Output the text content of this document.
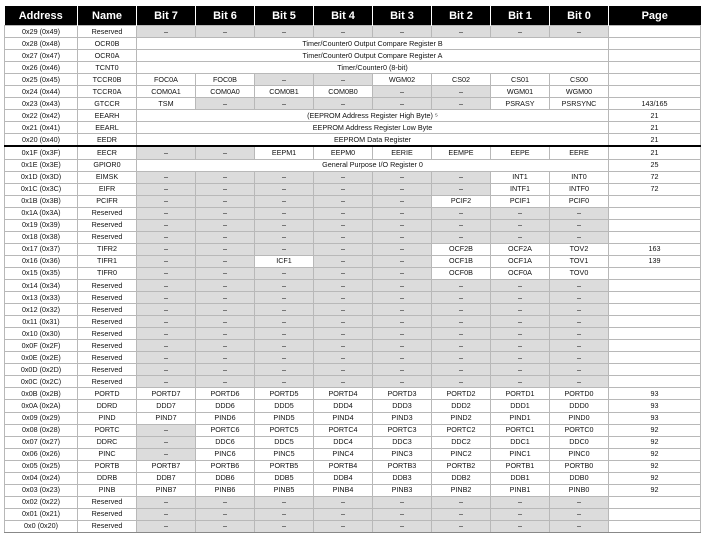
Address	Name	Bit 7	Bit 6	Bit 5	Bit 4	Bit 3	Bit 2	Bit 1	Bit 0	Page
0x29 (0x49)	Reserved	–	–	–	–	–	–	–	–	
0x28 (0x48)	OCR0B	Timer/Counter0 Output Compare Register B								
0x27 (0x47)	OCR0A	Timer/Counter0 Output Compare Register A								
0x26 (0x46)	TCNT0	Timer/Counter0 (8-bit)								
0x25 (0x45)	TCCR0B	FOC0A	FOC0B	–	–	WGM02	CS02	CS01	CS00	
0x24 (0x44)	TCCR0A	COM0A1	COM0A0	COM0B1	COM0B0	–	–	WGM01	WGM00	
0x23 (0x43)	GTCCR	TSM	–	–	–	–	–	PSRASY	PSRSYNC	143/165
0x22 (0x42)	EEARH	(EEPROM Address Register High Byte) ⁵								21
0x21 (0x41)	EEARL	EEPROM Address Register Low Byte								21
0x20 (0x40)	EEDR	EEPROM Data Register								21
0x1F (0x3F)	EECR	–	–	EEPM1	EEPM0	EERIE	EEMPE	EEPE	EERE	21
0x1E (0x3E)	GPIOR0	General Purpose I/O Register 0								25
0x1D (0x3D)	EIMSK	–	–	–	–	–	–	INT1	INT0	72
0x1C (0x3C)	EIFR	–	–	–	–	–	–	INTF1	INTF0	72
0x1B (0x3B)	PCIFR	–	–	–	–	–	PCIF2	PCIF1	PCIF0	
0x1A (0x3A)	Reserved	–	–	–	–	–	–	–	–	
0x19 (0x39)	Reserved	–	–	–	–	–	–	–	–	
0x18 (0x38)	Reserved	–	–	–	–	–	–	–	–	
0x17 (0x37)	TIFR2	–	–	–	–	–	OCF2B	OCF2A	TOV2	163
0x16 (0x36)	TIFR1	–	–	ICF1	–	–	OCF1B	OCF1A	TOV1	139
0x15 (0x35)	TIFR0	–	–	–	–	–	OCF0B	OCF0A	TOV0	
0x14 (0x34)	Reserved	–	–	–	–	–	–	–	–	
0x13 (0x33)	Reserved	–	–	–	–	–	–	–	–	
0x12 (0x32)	Reserved	–	–	–	–	–	–	–	–	
0x11 (0x31)	Reserved	–	–	–	–	–	–	–	–	
0x10 (0x30)	Reserved	–	–	–	–	–	–	–	–	
0x0F (0x2F)	Reserved	–	–	–	–	–	–	–	–	
0x0E (0x2E)	Reserved	–	–	–	–	–	–	–	–	
0x0D (0x2D)	Reserved	–	–	–	–	–	–	–	–	
0x0C (0x2C)	Reserved	–	–	–	–	–	–	–	–	
0x0B (0x2B)	PORTD	PORTD7	PORTD6	PORTD5	PORTD4	PORTD3	PORTD2	PORTD1	PORTD0	93
0x0A (0x2A)	DDRD	DDD7	DDD6	DDD5	DDD4	DDD3	DDD2	DDD1	DDD0	93
0x09 (0x29)	PIND	PIND7	PIND6	PIND5	PIND4	PIND3	PIND2	PIND1	PIND0	93
0x08 (0x28)	PORTC	–	PORTC6	PORTC5	PORTC4	PORTC3	PORTC2	PORTC1	PORTC0	92
0x07 (0x27)	DDRC	–	DDC6	DDC5	DDC4	DDC3	DDC2	DDC1	DDC0	92
0x06 (0x26)	PINC	–	PINC6	PINC5	PINC4	PINC3	PINC2	PINC1	PINC0	92
0x05 (0x25)	PORTB	PORTB7	PORTB6	PORTB5	PORTB4	PORTB3	PORTB2	PORTB1	PORTB0	92
0x04 (0x24)	DDRB	DDB7	DDB6	DDB5	DDB4	DDB3	DDB2	DDB1	DDB0	92
0x03 (0x23)	PINB	PINB7	PINB6	PINB5	PINB4	PINB3	PINB2	PINB1	PINB0	92
0x02 (0x22)	Reserved	–	–	–	–	–	–	–	–	
0x01 (0x21)	Reserved	–	–	–	–	–	–	–	–	
0x0 (0x20)	Reserved	–	–	–	–	–	–	–	–	
